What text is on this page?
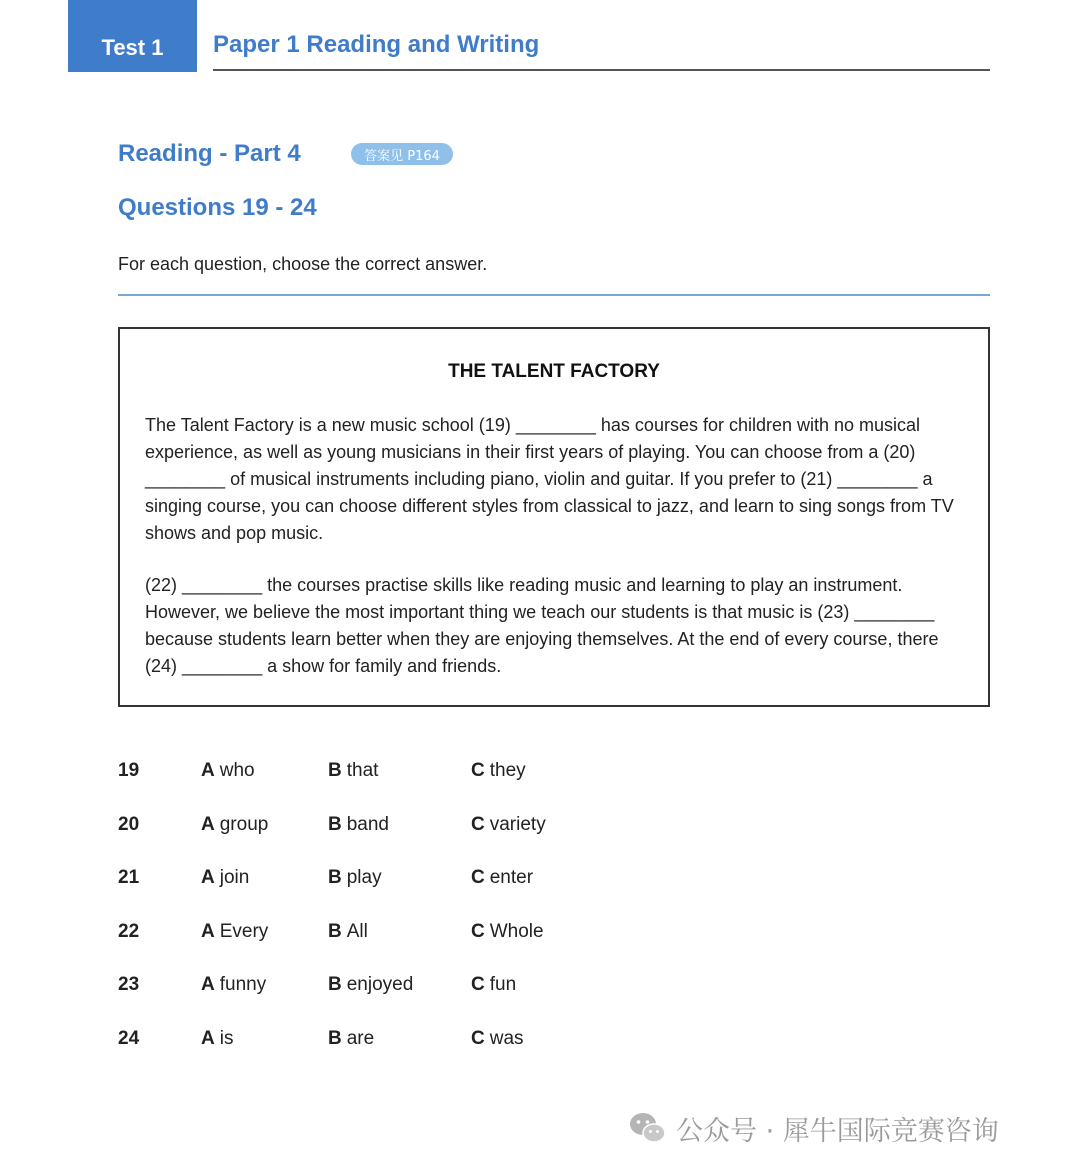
Test 1 Paper 1 Reading and Writing
Reading - Part 4	答案见 P164
Questions 19 - 24
For each question, choose the correct answer.
THE TALENT FACTORY

The Talent Factory is a new music school (19) ________ has courses for children with no musical experience, as well as young musicians in their first years of playing. You can choose from a (20) ________ of musical instruments including piano, violin and guitar. If you prefer to (21) ________ a singing course, you can choose different styles from classical to jazz, and learn to sing songs from TV shows and pop music.

(22) ________ the courses practise skills like reading music and learning to play an instrument. However, we believe the most important thing we teach our students is that music is (23) ________ because students learn better when they are enjoying themselves. At the end of every course, there (24) ________ a show for family and friends.

19	A who	B that	C they
20	A group	B band	C variety
21	A join	B play	C enter
22	A Every	B All	C Whole
23	A funny	B enjoyed	C fun
24	A is	B are	C was
公众号 · 犀牛国际竞赛咨询
